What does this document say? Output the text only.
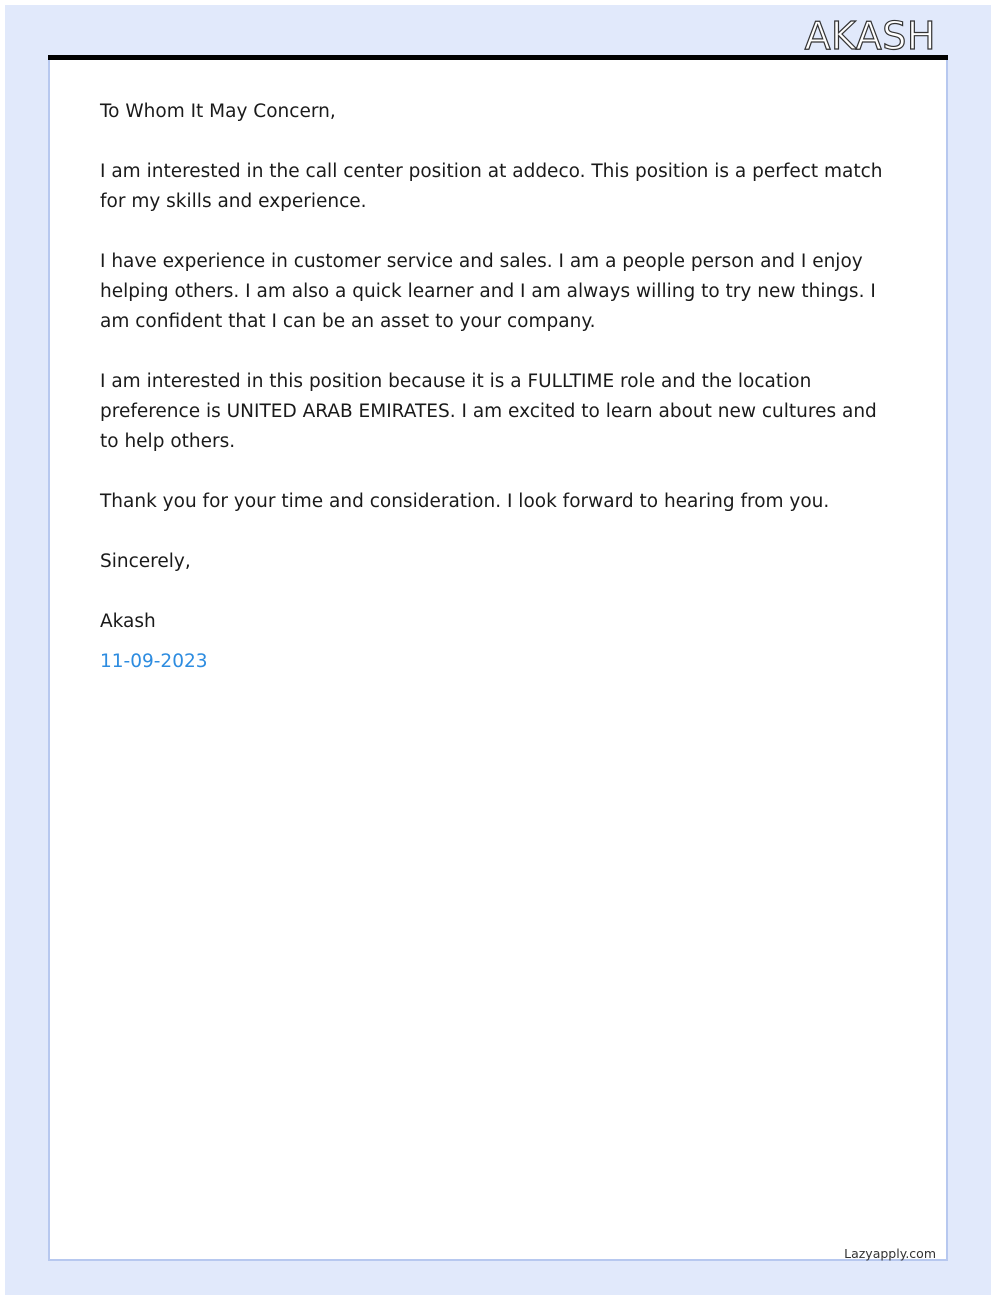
AKASH

To Whom It May Concern,

I am interested in the call center position at addeco. This position is a perfect match for my skills and experience.

I have experience in customer service and sales. I am a people person and I enjoy helping others. I am also a quick learner and I am always willing to try new things. I am confident that I can be an asset to your company.

I am interested in this position because it is a FULLTIME role and the location preference is UNITED ARAB EMIRATES. I am excited to learn about new cultures and to help others.

Thank you for your time and consideration. I look forward to hearing from you.

Sincerely,

Akash

11-09-2023

Lazyapply.com
